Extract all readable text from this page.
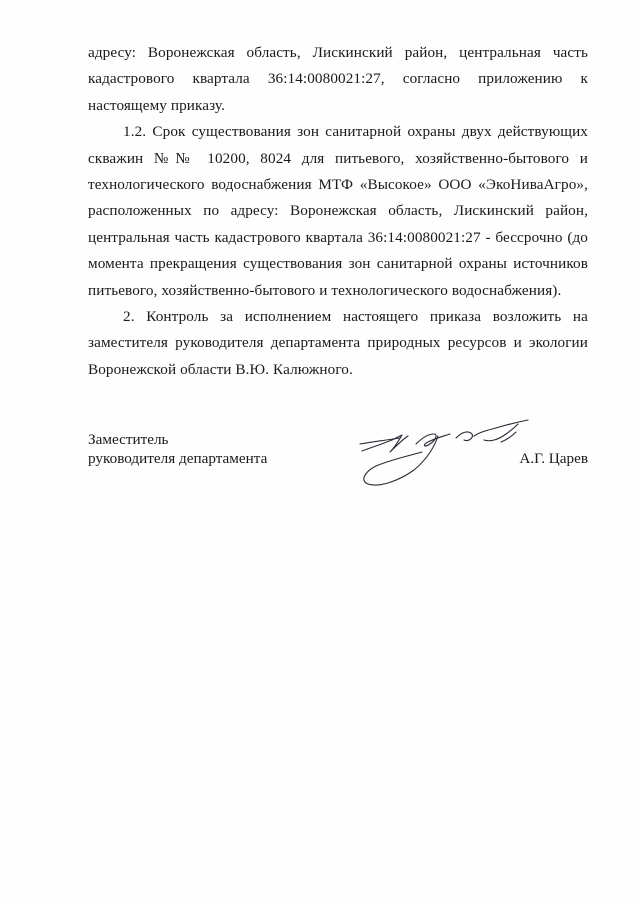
адресу: Воронежская область, Лискинский район, центральная часть кадастрового квартала 36:14:0080021:27, согласно приложению к настоящему приказу.

1.2. Срок существования зон санитарной охраны двух действующих скважин №№ 10200, 8024 для питьевого, хозяйственно-бытового и технологического водоснабжения МТФ «Высокое» ООО «ЭкоНиваАгро», расположенных по адресу: Воронежская область, Лискинский район, центральная часть кадастрового квартала 36:14:0080021:27 - бессрочно (до момента прекращения существования зон санитарной охраны источников питьевого, хозяйственно-бытового и технологического водоснабжения).

2. Контроль за исполнением настоящего приказа возложить на заместителя руководителя департамента природных ресурсов и экологии Воронежской области В.Ю. Калюжного.

Заместитель
руководителя департамента	А.Г. Царев
